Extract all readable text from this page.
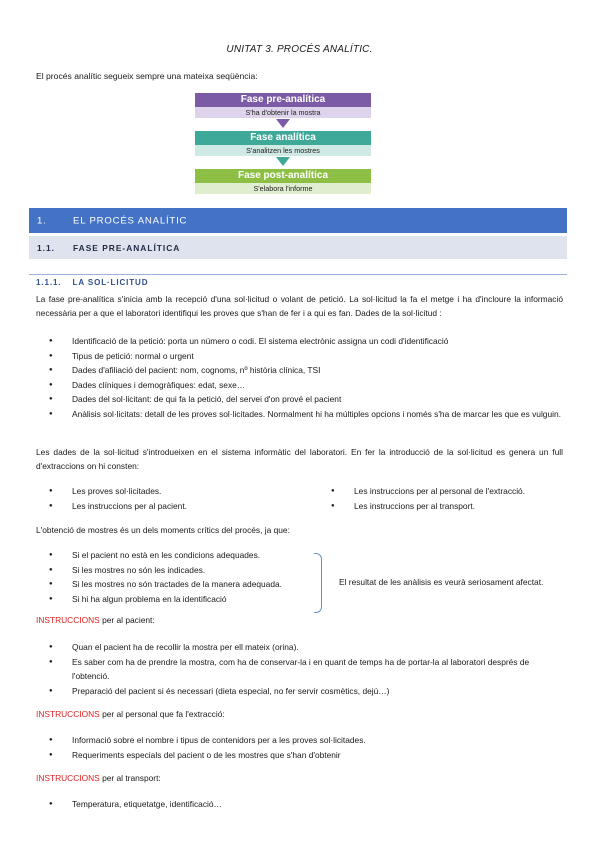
UNITAT 3. PROCÉS ANALÍTIC.
El procés analític segueix sempre una mateixa seqüència:
Fase pre-analítica
S'ha d'obtenir la mostra
Fase analítica
S'analitzen les mostres
Fase post-analítica
S'elabora l'informe
1.	EL PROCÉS ANALÍTIC
1.1. FASE PRE-ANALÍTICA
1.1.1. LA SOL·LICITUD
La fase pre-analítica s'inicia amb la recepció d'una sol·licitud o volant de petició. La sol·licitud la fa el metge i ha d'incloure la informació necessària per a que el laboratori identifiqui les proves que s'han de fer i a qui es fan. Dades de la sol·licitud :
● Identificació de la petició: porta un número o codi. El sistema electrònic assigna un codi d'identificació
● Tipus de petició: normal o urgent
● Dades d'afiliació del pacient: nom, cognoms, nº història clínica, TSI
● Dades clíniques i demogràfiques: edat, sexe…
● Dades del sol·licitant: de qui fa la petició, del servei d'on prové el pacient
● Anàlisis sol·licitats: detall de les proves sol·licitades. Normalment hi ha múltiples opcions i només s'ha de marcar les que es vulguin.
Les dades de la sol·licitud s'introdueixen en el sistema informàtic del laboratori. En fer la introducció de la sol·licitud es genera un full d'extraccions on hi consten:
● Les proves sol·licitades.
● Les instruccions per al pacient.
● Les instruccions per al personal de l'extracció.
● Les instruccions per al transport.
L'obtenció de mostres és un dels moments crítics del procés, ja que:
● Si el pacient no està en les condicions adequades.
● Si les mostres no són les indicades.
● Si les mostres no són tractades de la manera adequada.
● Si hi ha algun problema en la identificació
El resultat de les anàlisis es veurà seriosament afectat.
INSTRUCCIONS per al pacient:
● Quan el pacient ha de recollir la mostra per ell mateix (orina).
● Es saber com ha de prendre la mostra, com ha de conservar-la i en quant de temps ha de portar-la al laboratori després de l'obtenció.
● Preparació del pacient si és necessari (dieta especial, no fer servir cosmètics, dejú…)
INSTRUCCIONS per al personal que fa l'extracció:
● Informació sobre el nombre i tipus de contenidors per a les proves sol·licitades.
● Requeriments especials del pacient o de les mostres que s'han d'obtenir
INSTRUCCIONS per al transport:
● Temperatura, etiquetatge, identificació…
